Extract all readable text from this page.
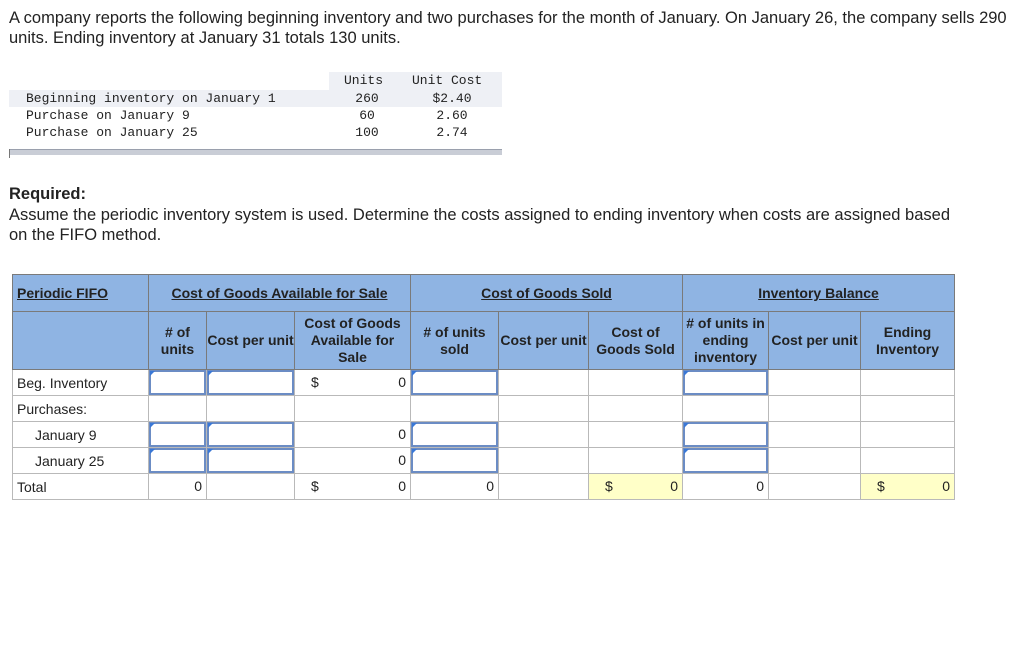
A company reports the following beginning inventory and two purchases for the month of January. On January 26, the company sells 290 units. Ending inventory at January 31 totals 130 units.

Units Unit Cost
Beginning inventory on January 1	260	$2.40
Purchase on January 9	60	2.60
Purchase on January 25	100	2.74

Required:

Assume the periodic inventory system is used. Determine the costs assigned to ending inventory when costs are assigned based on the FIFO method.

Periodic FIFO	Cost of Goods Available for Sale			Cost of Goods Sold			Inventory Balance		
	# of units	Cost per unit	Cost of Goods Available for Sale	# of units sold	Cost per unit	Cost of Goods Sold	# of units in ending inventory	Cost per unit	Ending Inventory
Beg. Inventory			$ 0						

Purchases:									
January 9			0						

January 25			0						

Total	0		$ 0	0		$ 0	0		$ 0
